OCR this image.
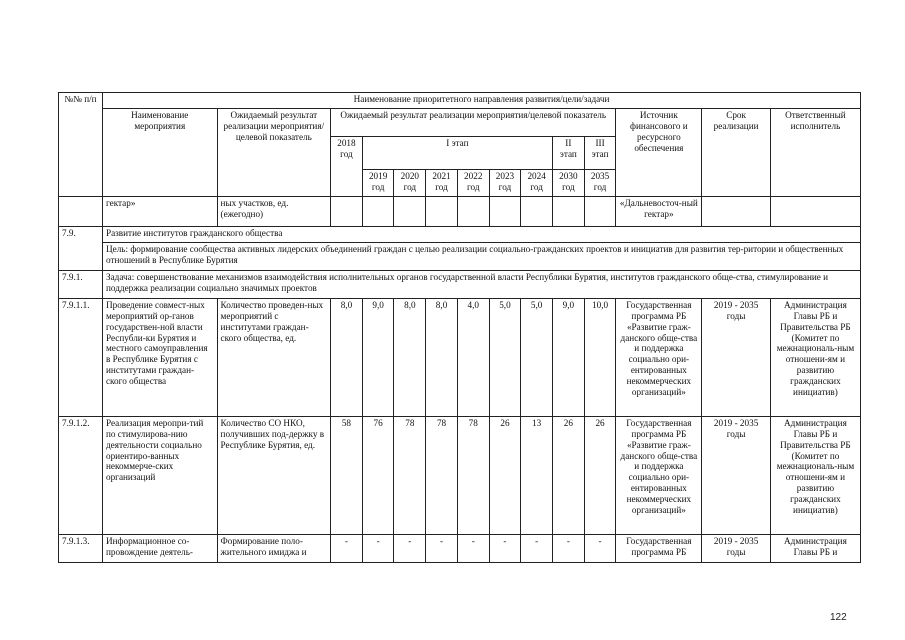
№№ п/п	Наименование приоритетного направления развития/цели/задачи													
	Наименование мероприятия	Ожидаемый результат реализации мероприятия/целевой показатель	Ожидаемый результат реализации мероприятия/целевой показатель									Источник финансового и ресурсного обеспечения	Срок реализации	Ответственный исполнитель
			2018 год	I этап						II этап	III этап			
				2019 год	2020 год	2021 год	2022 год	2023 год	2024 год	2030 год	2035 год			
	гектар»	ных участков, ед. (ежегодно)										«Дальневосточ-ный гектар»		
7.9.	Развитие институтов гражданского общества													
	Цель: формирование сообщества активных лидерских объединений граждан с целью реализации социально-гражданских проектов и инициатив для развития тер-ритории и общественных отношений в Республике Бурятия													
7.9.1.	Задача: совершенствование механизмов взаимодействия исполнительных органов государственной власти Республики Бурятия, институтов гражданского обще-ства, стимулирование и поддержка реализации социально значимых проектов													
7.9.1.1.	Проведение совмест-ных мероприятий ор-ганов государствен-ной власти Республи-ки Бурятия и местного самоуправления в Республике Бурятия с институтами граждан-ского общества	Количество проведен-ных мероприятий с институтами граждан-ского общества, ед.	8,0	9,0	8,0	8,0	4,0	5,0	5,0	9,0	10,0	Государственная программа РБ «Развитие граж-данского обще-ства и поддержка социально ори-ентированных некоммерческих организаций»	2019 - 2035 годы	Администрация Главы РБ и Правительства РБ (Комитет по межнациональ-ным отношени-ям и развитию гражданских инициатив)
7.9.1.2.	Реализация меропри-тий по стимулирова-нию деятельности социально ориентиро-ванных некоммерче-ских организаций	Количество СО НКО, получивших под-держку в Республике Бурятия, ед.	58	76	78	78	78	26	13	26	26	Государственная программа РБ «Развитие граж-данского обще-ства и поддержка социально ори-ентированных некоммерческих организаций»	2019 - 2035 годы	Администрация Главы РБ и Правительства РБ (Комитет по межнациональ-ным отношени-ям и развитию гражданских инициатив)
7.9.1.3.	Информационное со-провождение деятель-	Формирование поло-жительного имиджа и	-	-	-	-	-	-	-	-	-	Государственная программа РБ	2019 - 2035 годы	Администрация Главы РБ и
122
